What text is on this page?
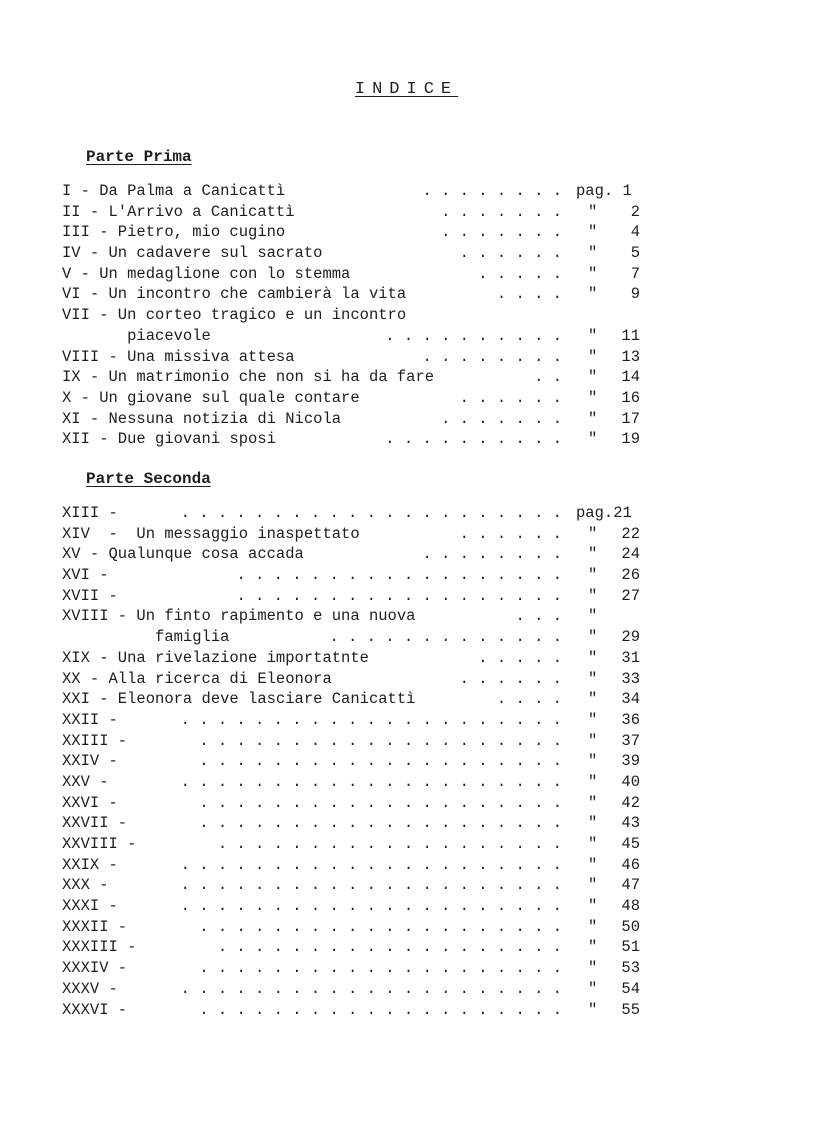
INDICE
Parte Prima
I - Da Palma a Canicattì	. . . . . . . . pag. 1
II - L'Arrivo a Canicattì	. . . . . . . " 2
III - Pietro, mio cugino	. . . . . . . " 4
IV - Un cadavere sul sacrato	. . . . . . " 5
V - Un medaglione con lo stemma	. . . . . " 7
VI - Un incontro che cambierà la vita	. . . . " 9
VII - Un corteo tragico e un incontro
piacevole	. . . . . . . . . . " 11
VIII - Una missiva attesa	. . . . . . . . " 13
IX - Un matrimonio che non si ha da fare	. . " 14
X - Un giovane sul quale contare	. . . . . . " 16
XI - Nessuna notizia di Nicola	. . . . . . . " 17
XII - Due giovani sposi	. . . . . . . . . . " 19
Parte Seconda
XIII -	. . . . . . . . . . . . . . . . . . . . . pag.21
XIV  -  Un messaggio inaspettato	. . . . . . " 22
XV - Qualunque cosa accada	. . . . . . . . " 24
XVI -	. . . . . . . . . . . . . . . . . . " 26
XVII -	. . . . . . . . . . . . . . . . . . " 27
XVIII - Un finto rapimento e una nuova	. . . "
famiglia	. . . . . . . . . . . . . " 29
XIX - Una rivelazione importatnte	. . . . . " 31
XX - Alla ricerca di Eleonora	. . . . . . " 33
XXI - Eleonora deve lasciare Canicattì	. . . . " 34
XXII -	. . . . . . . . . . . . . . . . . . . . . " 36
XXIII -	. . . . . . . . . . . . . . . . . . . . " 37
XXIV -	. . . . . . . . . . . . . . . . . . . . " 39
XXV -	. . . . . . . . . . . . . . . . . . . . . " 40
XXVI -	. . . . . . . . . . . . . . . . . . . . " 42
XXVII -	. . . . . . . . . . . . . . . . . . . . " 43
XXVIII -	. . . . . . . . . . . . . . . . . . . " 45
XXIX -	. . . . . . . . . . . . . . . . . . . . . " 46
XXX -	. . . . . . . . . . . . . . . . . . . . . " 47
XXXI -	. . . . . . . . . . . . . . . . . . . . . " 48
XXXII -	. . . . . . . . . . . . . . . . . . . . " 50
XXXIII -	. . . . . . . . . . . . . . . . . . . " 51
XXXIV -	. . . . . . . . . . . . . . . . . . . . " 53
XXXV -	. . . . . . . . . . . . . . . . . . . . . " 54
XXXVI -	. . . . . . . . . . . . . . . . . . . . " 55
